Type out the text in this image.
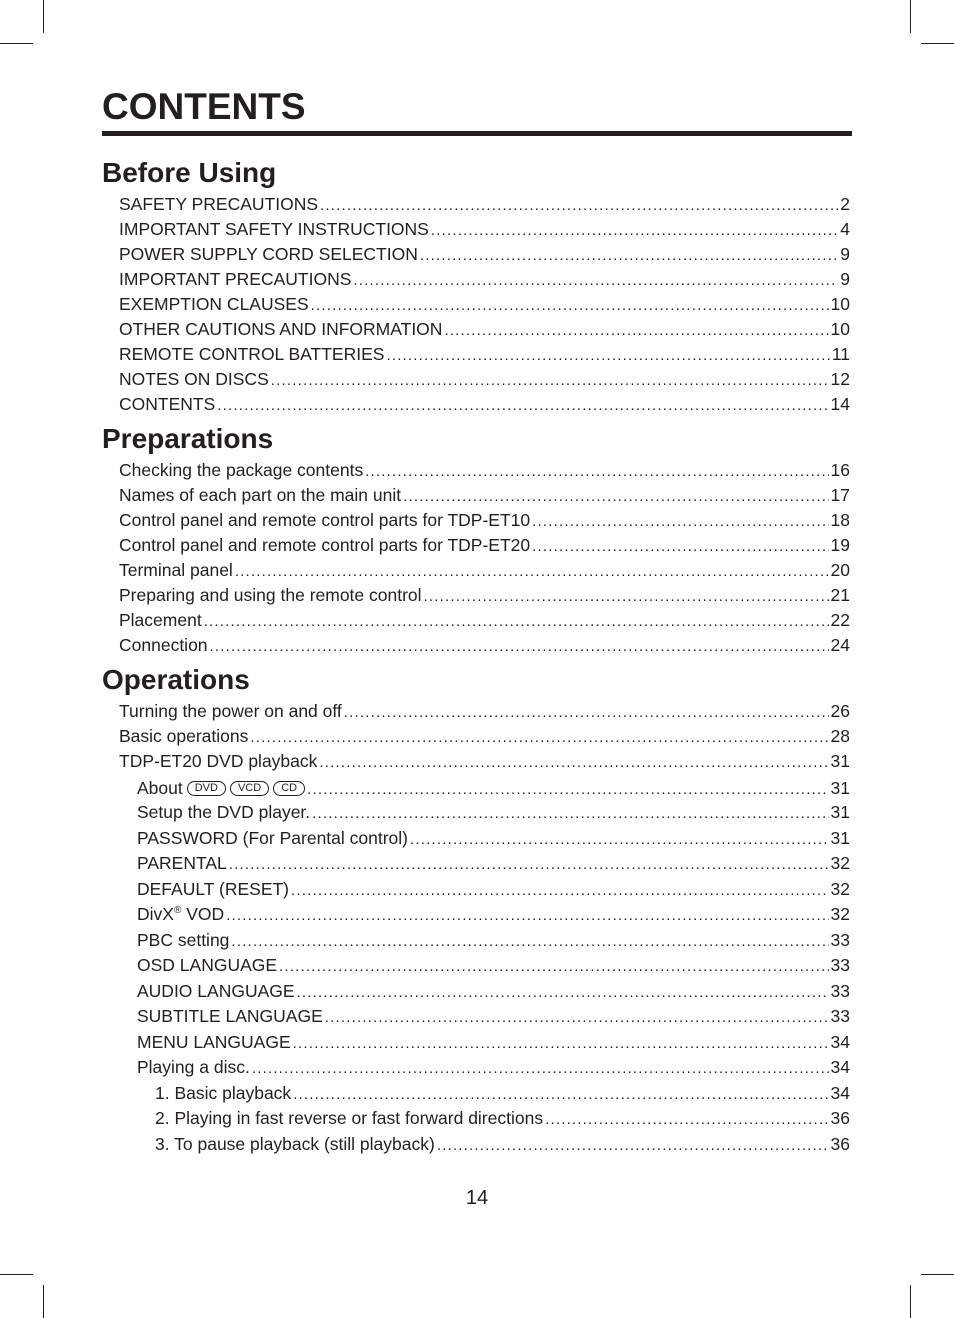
CONTENTS
Before Using
SAFETY PRECAUTIONS .....	2
IMPORTANT SAFETY INSTRUCTIONS .....	4
POWER SUPPLY CORD SELECTION .....	9
IMPORTANT PRECAUTIONS .....	9
EXEMPTION CLAUSES .....	10
OTHER CAUTIONS AND INFORMATION .....	10
REMOTE CONTROL BATTERIES .....	11
NOTES ON DISCS .....	12
CONTENTS .....	14
Preparations
Checking the package contents .....	16
Names of each part on the main unit .....	17
Control panel and remote control parts for TDP-ET10 .....	18
Control panel and remote control parts for TDP-ET20 .....	19
Terminal panel .....	20
Preparing and using the remote control .....	21
Placement .....	22
Connection .....	24
Operations
Turning the power on and off .....	26
Basic operations .....	28
TDP-ET20 DVD playback .....	31
About DVD VCD CD .....	31
Setup the DVD player. .....	31
PASSWORD (For Parental control) .....	31
PARENTAL .....	32
DEFAULT (RESET) .....	32
DivX® VOD .....	32
PBC setting .....	33
OSD LANGUAGE .....	33
AUDIO LANGUAGE .....	33
SUBTITLE LANGUAGE .....	33
MENU LANGUAGE .....	34
Playing a disc. .....	34
1. Basic playback .....	34
2. Playing in fast reverse or fast forward directions .....	36
3. To pause playback (still playback) .....	36
14
